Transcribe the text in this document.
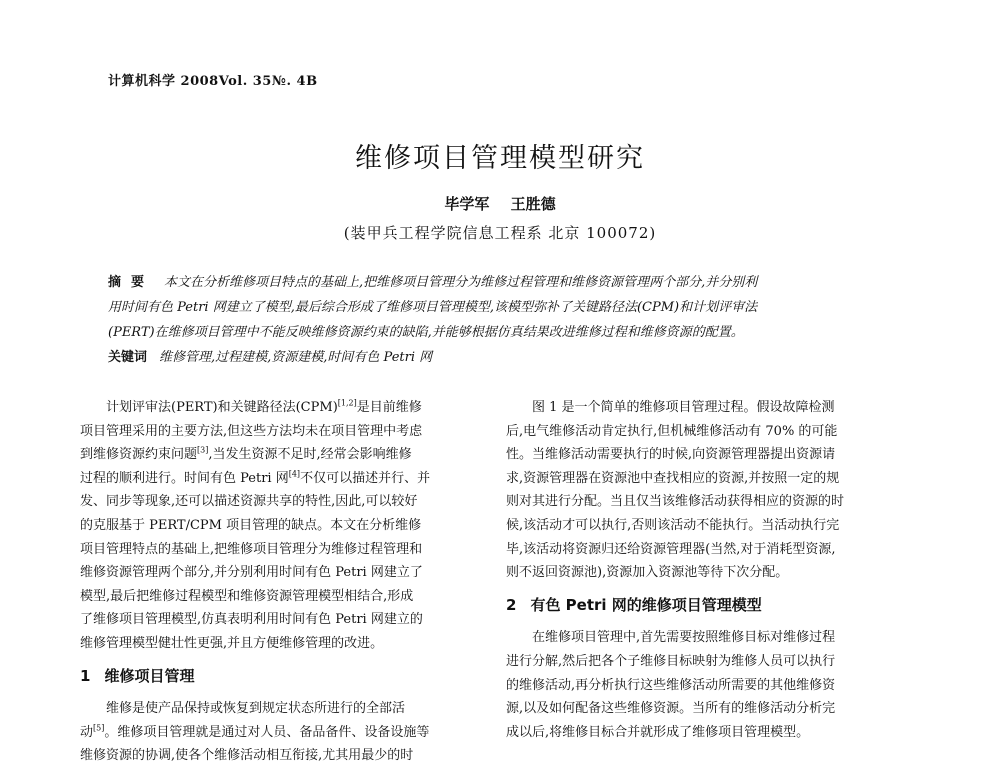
计算机科学 2008Vol. 35№. 4B
维修项目管理模型研究
毕学军 王胜德
(装甲兵工程学院信息工程系 北京 100072)
摘要 本文在分析维修项目特点的基础上,把维修项目管理分为维修过程管理和维修资源管理两个部分,并分别利
用时间有色 Petri 网建立了模型,最后综合形成了维修项目管理模型,该模型弥补了关键路径法(CPM)和计划评审法
(PERT)在维修项目管理中不能反映维修资源约束的缺陷,并能够根据仿真结果改进维修过程和维修资源的配置。
关键词 维修管理,过程建模,资源建模,时间有色 Petri 网
计划评审法(PERT)和关键路径法(CPM)[1,2]是目前维修
项目管理采用的主要方法,但这些方法均未在项目管理中考虑
到维修资源约束问题[3],当发生资源不足时,经常会影响维修
过程的顺利进行。时间有色 Petri 网[4]不仅可以描述并行、并
发、同步等现象,还可以描述资源共享的特性,因此,可以较好
的克服基于 PERT/CPM 项目管理的缺点。本文在分析维修
项目管理特点的基础上,把维修项目管理分为维修过程管理和
维修资源管理两个部分,并分别利用时间有色 Petri 网建立了
模型,最后把维修过程模型和维修资源管理模型相结合,形成
了维修项目管理模型,仿真表明利用时间有色 Petri 网建立的
维修管理模型健壮性更强,并且方便维修管理的改进。
1 维修项目管理
维修是使产品保持或恢复到规定状态所进行的全部活
动[5]。维修项目管理就是通过对人员、备品备件、设备设施等
维修资源的协调,使各个维修活动相互衔接,尤其用最少的时
图 1 是一个简单的维修项目管理过程。假设故障检测
后,电气维修活动肯定执行,但机械维修活动有 70% 的可能
性。当维修活动需要执行的时候,向资源管理器提出资源请
求,资源管理器在资源池中查找相应的资源,并按照一定的规
则对其进行分配。当且仅当该维修活动获得相应的资源的时
候,该活动才可以执行,否则该活动不能执行。当活动执行完
毕,该活动将资源归还给资源管理器(当然,对于消耗型资源,
则不返回资源池),资源加入资源池等待下次分配。
2 有色 Petri 网的维修项目管理模型
在维修项目管理中,首先需要按照维修目标对维修过程
进行分解,然后把各个子维修目标映射为维修人员可以执行
的维修活动,再分析执行这些维修活动所需要的其他维修资
源,以及如何配备这些维修资源。当所有的维修活动分析完
成以后,将维修目标合并就形成了维修项目管理模型。
